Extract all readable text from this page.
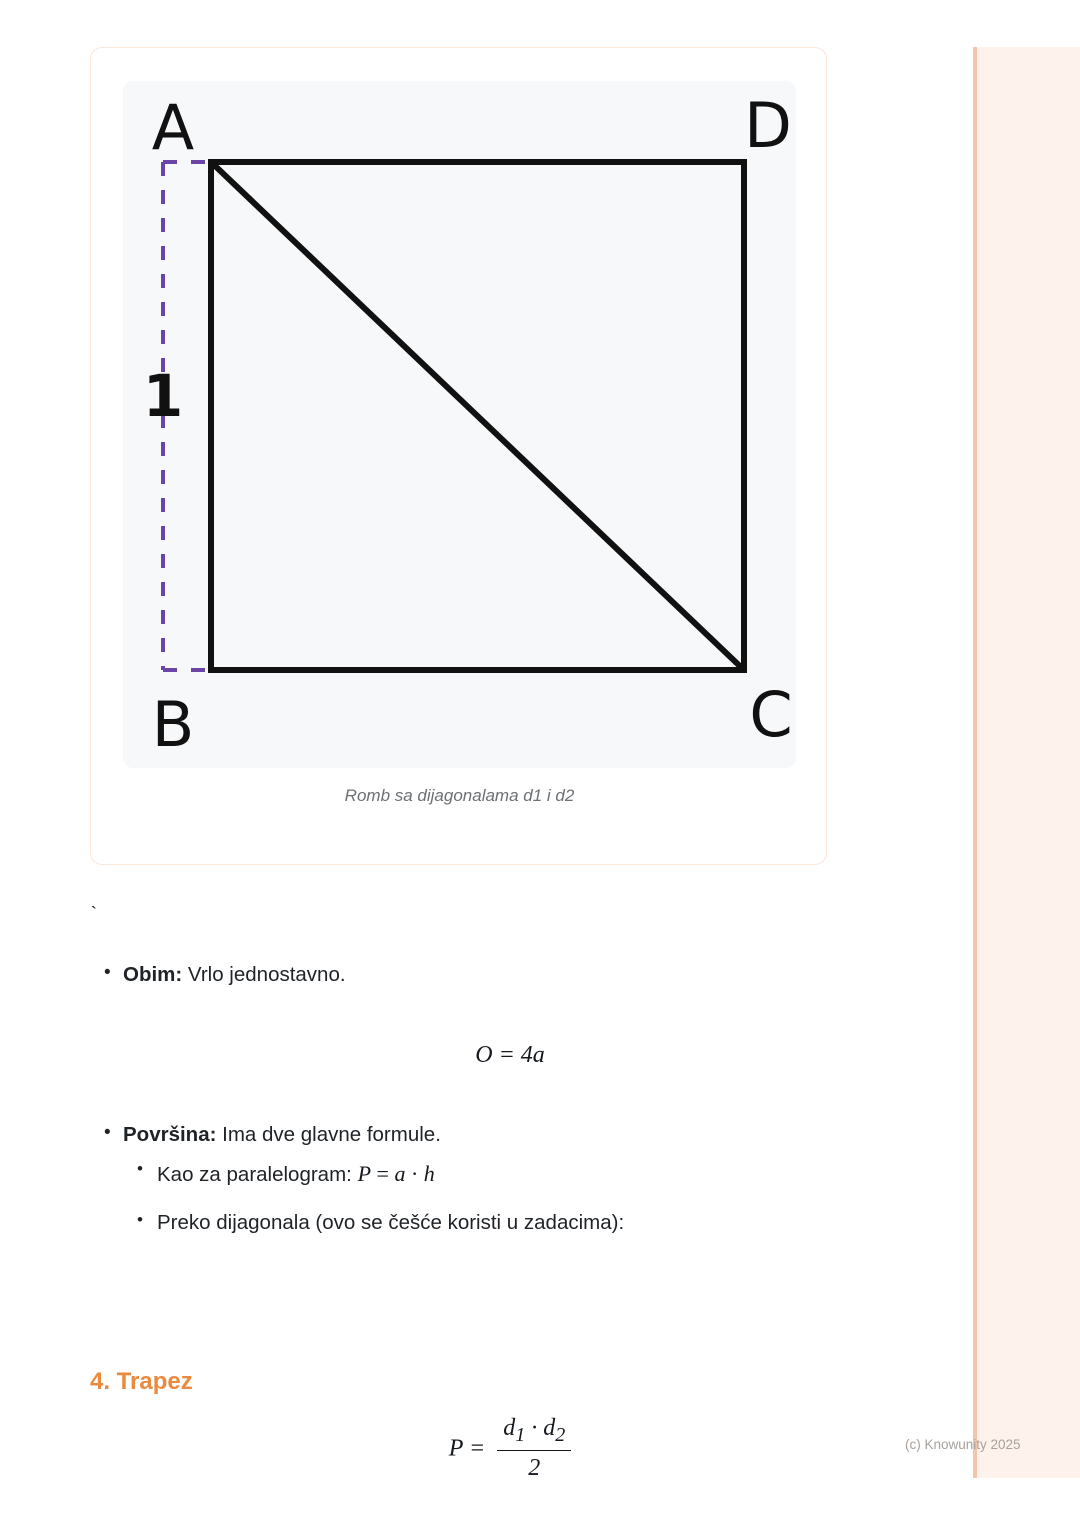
A	D
B	C
1
Romb sa dijagonalama d1 i d2
`
• Obim: Vrlo jednostavno.
O = 4a
• Površina: Ima dve glavne formule.
• Kao za paralelogram: P = a · h
• Preko dijagonala (ovo se češće koristi u zadacima):
$P = \frac{d_1 \cdot d_2}{2}$
4. Trapez
(c) Knowunity 2025
